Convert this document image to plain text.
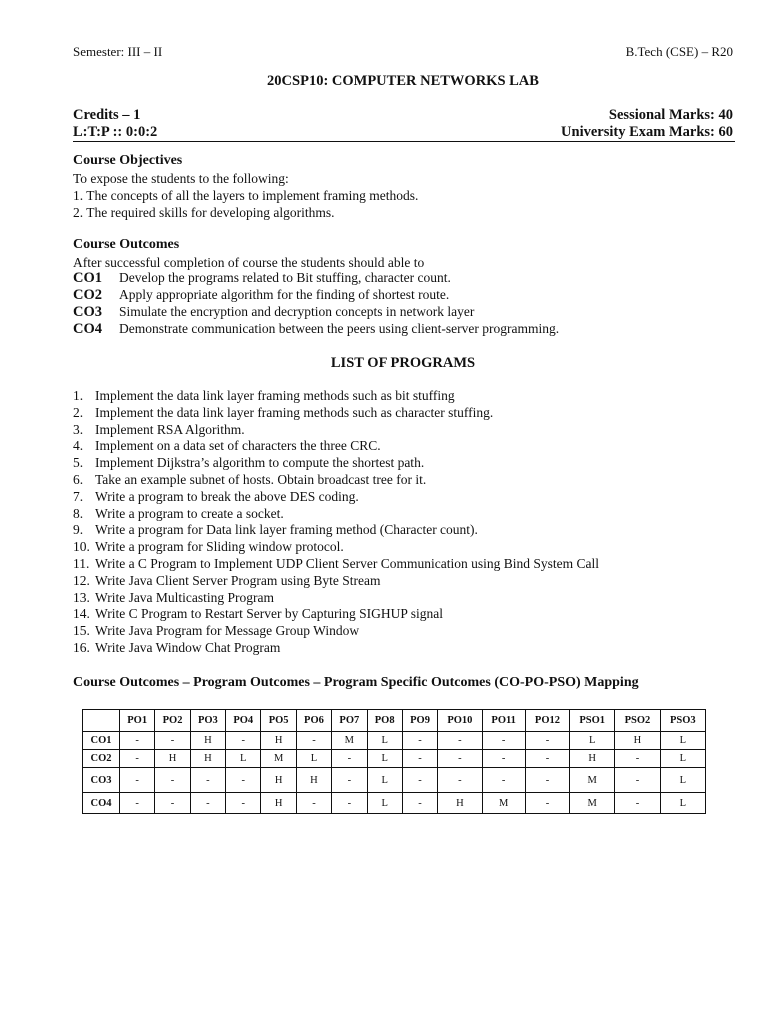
Semester: III – II	B.Tech (CSE) – R20
20CSP10: COMPUTER NETWORKS LAB
Credits – 1	Sessional Marks: 40
L:T:P :: 0:0:2	University Exam Marks: 60
Course Objectives
To expose the students to the following:
1. The concepts of all the layers to implement framing methods.
2. The required skills for developing algorithms.
Course Outcomes
After successful completion of course the students should able to
CO1	Develop the programs related to Bit stuffing, character count.
CO2	Apply appropriate algorithm for the finding of shortest route.
CO3	Simulate the encryption and decryption concepts in network layer
CO4	Demonstrate communication between the peers using client-server programming.
LIST OF PROGRAMS
1. Implement the data link layer framing methods such as bit stuffing
2. Implement the data link layer framing methods such as character stuffing.
3. Implement RSA Algorithm.
4. Implement on a data set of characters the three CRC.
5. Implement Dijkstra’s algorithm to compute the shortest path.
6. Take an example subnet of hosts. Obtain broadcast tree for it.
7. Write a program to break the above DES coding.
8. Write a program to create a socket.
9. Write a program for Data link layer framing method (Character count).
10. Write a program for Sliding window protocol.
11. Write a C Program to Implement UDP Client Server Communication using Bind System Call
12. Write Java Client Server Program using Byte Stream
13. Write Java Multicasting Program
14. Write C Program to Restart Server by Capturing SIGHUP signal
15. Write Java Program for Message Group Window
16. Write Java Window Chat Program
Course Outcomes – Program Outcomes – Program Specific Outcomes (CO-PO-PSO) Mapping
	PO1	PO2	PO3	PO4	PO5	PO6	PO7	PO8	PO9	PO10	PO11	PO12	PSO1	PSO2	PSO3
CO1	-	-	H	-	H	-	M	L	-	-	-	-	L	H	L
CO2	-	H	H	L	M	L	-	L	-	-	-	-	H	-	L
CO3	-	-	-	-	H	H	-	L	-	-	-	-	M	-	L
CO4	-	-	-	-	H	-	-	L	-	H	M	-	M	-	L
